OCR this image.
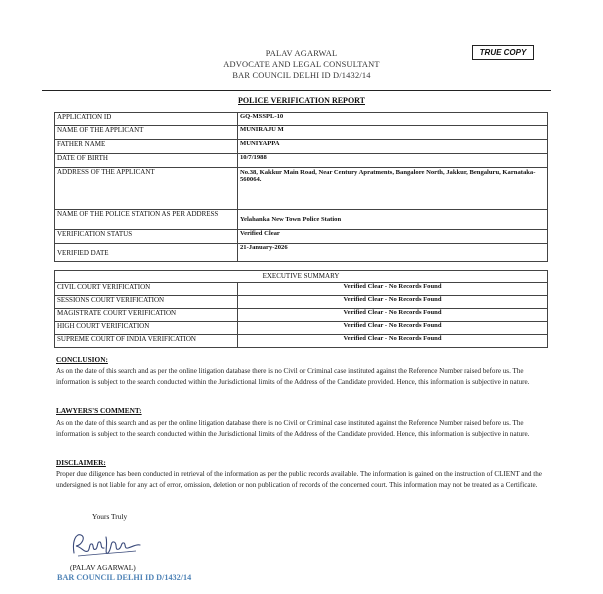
TRUE COPY
PALAV AGARWAL
ADVOCATE AND LEGAL CONSULTANT
BAR COUNCIL DELHI ID D/1432/14
POLICE VERIFICATION REPORT
APPLICATION ID	GQ-MSSPL-10
NAME OF THE APPLICANT	MUNIRAJU M
FATHER NAME	MUNIYAPPA
DATE OF BIRTH	10/7/1988
ADDRESS OF THE APPLICANT	No.38, Kakkur Main Road, Near Century Apratments, Bangalore North, Jakkur, Bengaluru, Karnataka-560064.
NAME OF THE POLICE STATION AS PER ADDRESS	Yelahanka New Town Police Station
VERIFICATION STATUS	Verified Clear
VERIFIED DATE	21-January-2026
EXECUTIVE SUMMARY	
CIVIL COURT VERIFICATION	Verified Clear - No Records Found
SESSIONS COURT VERIFICATION	Verified Clear - No Records Found
MAGISTRATE COURT VERIFICATION	Verified Clear - No Records Found
HIGH COURT VERIFICATION	Verified Clear - No Records Found
SUPREME COURT OF INDIA VERIFICATION	Verified Clear - No Records Found
CONCLUSION:
As on the date of this search and as per the online litigation database there is no Civil or Criminal case instituted against the Reference Number raised before us. The information is subject to the search conducted within the Jurisdictional limits of the Address of the Candidate provided. Hence, this information is subjective in nature.
LAWYERS'S COMMENT:
As on the date of this search and as per the online litigation database there is no Civil or Criminal case instituted against the Reference Number raised before us. The information is subject to the search conducted within the Jurisdictional limits of the Address of the Candidate provided. Hence, this information is subjective in nature.
DISCLAIMER:
Proper due diligence has been conducted in retrieval of the information as per the public records available. The information is gained on the instruction of CLIENT and the undersigned is not liable for any act of error, omission, deletion or non publication of records of the concerned court. This information may not be treated as a Certificate.
Yours Truly
(PALAV AGARWAL)
BAR COUNCIL DELHI ID D/1432/14
